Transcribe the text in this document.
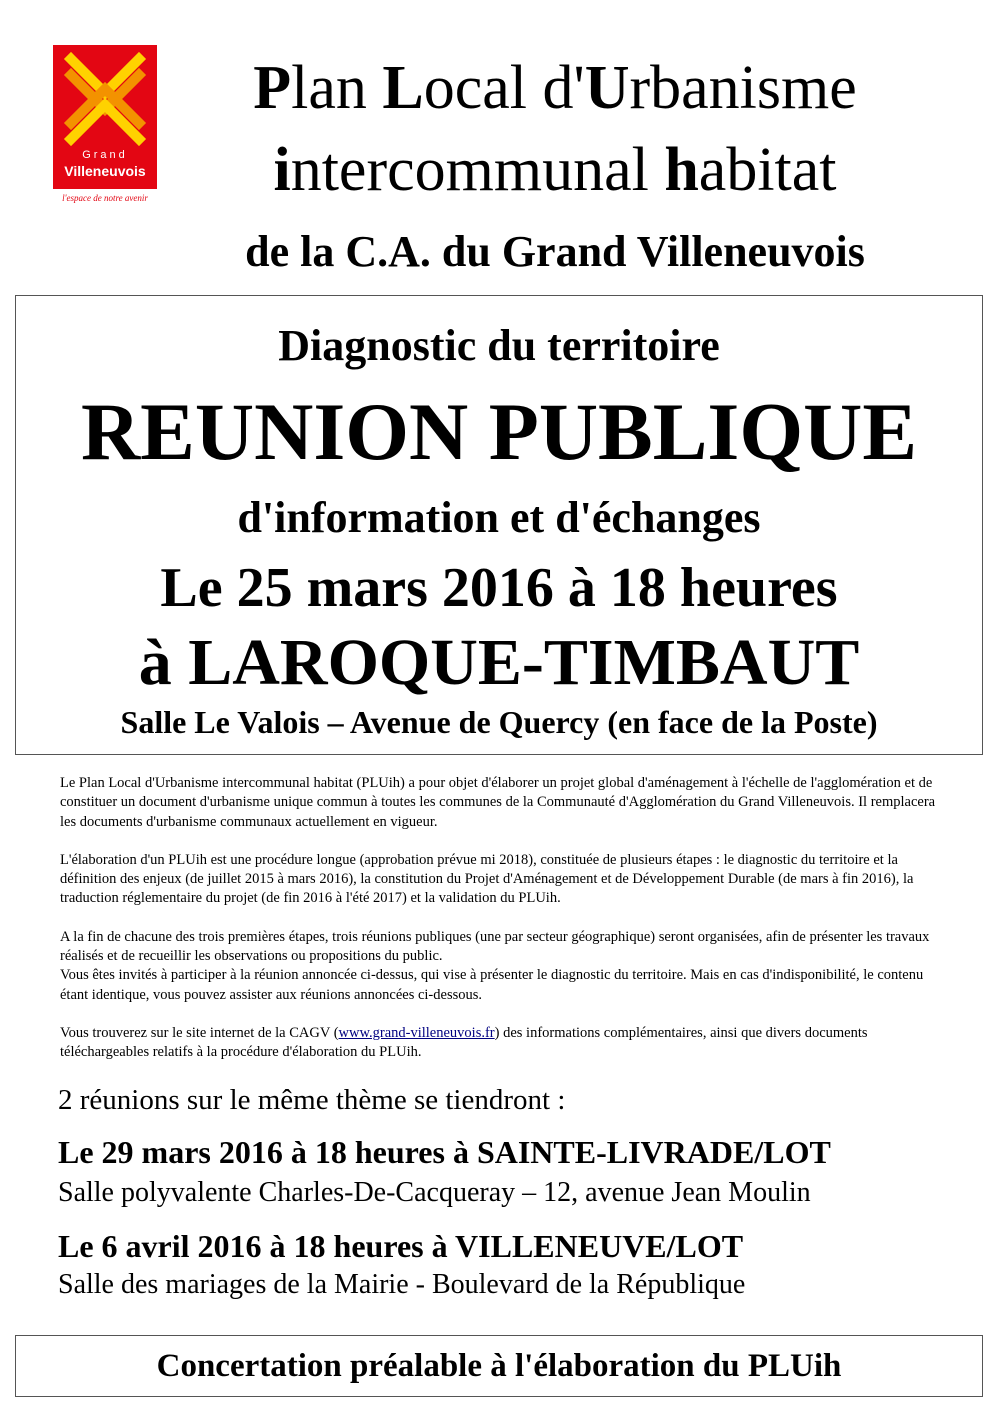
Grand
Villeneuvois
l'espace de notre avenir
Plan Local d'Urbanisme
intercommunal habitat
de la C.A. du Grand Villeneuvois
Diagnostic du territoire
REUNION PUBLIQUE
d'information et d'échanges
Le 25 mars 2016 à 18 heures
à LAROQUE-TIMBAUT
Salle Le Valois – Avenue de Quercy (en face de la Poste)

Le Plan Local d'Urbanisme intercommunal habitat (PLUih) a pour objet d'élaborer un projet global d'aménagement à l'échelle de l'agglomération et de constituer un document d'urbanisme unique commun à toutes les communes de la Communauté d'Agglomération du Grand Villeneuvois. Il remplacera les documents d'urbanisme communaux actuellement en vigueur.

L'élaboration d'un PLUih est une procédure longue (approbation prévue mi 2018), constituée de plusieurs étapes : le diagnostic du territoire et la définition des enjeux (de juillet 2015 à mars 2016), la constitution du Projet d'Aménagement et de Développement Durable (de mars à fin 2016), la traduction réglementaire du projet (de fin 2016 à l'été 2017) et la validation du PLUih.

A la fin de chacune des trois premières étapes, trois réunions publiques (une par secteur géographique) seront organisées, afin de présenter les travaux réalisés et de recueillir les observations ou propositions du public.

Vous êtes invités à participer à la réunion annoncée ci-dessus, qui vise à présenter le diagnostic du territoire. Mais en cas d'indisponibilité, le contenu étant identique, vous pouvez assister aux réunions annoncées ci-dessous.

Vous trouverez sur le site internet de la CAGV (www.grand-villeneuvois.fr) des informations complémentaires, ainsi que divers documents téléchargeables relatifs à la procédure d'élaboration du PLUih.

2 réunions sur le même thème se tiendront :
Le 29 mars 2016 à 18 heures à SAINTE-LIVRADE/LOT
Salle polyvalente Charles-De-Cacqueray – 12, avenue Jean Moulin
Le 6 avril 2016 à 18 heures à VILLENEUVE/LOT
Salle des mariages de la Mairie - Boulevard de la République
Concertation préalable à l'élaboration du PLUih
